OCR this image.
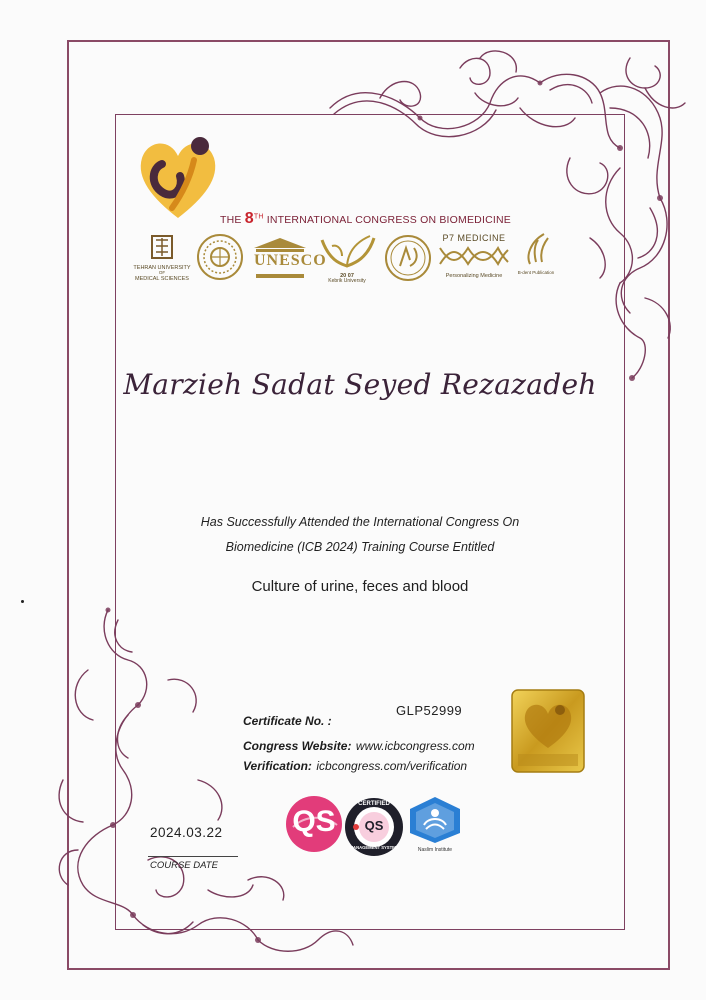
THE 8TH INTERNATIONAL CONGRESS ON BIOMEDICINE
TEHRAN UNIVERSITY
OF
MEDICAL SCIENCES
UNESCO
20 07
Kebrik University
P7 MEDICINE
Personalizing Medicine
B-dent Publication
Marzieh Sadat Seyed Rezazadeh
Has Successfully Attended the International Congress On
Biomedicine (ICB 2024) Training Course Entitled
Culture of urine, feces and blood
Certificate No. :
GLP52999
Congress Website: www.icbcongress.com
Verification: icbcongress.com/verification
2024.03.22
COURSE DATE
QS
CERTIFIED
QS
MANAGEMENT SYSTEM	Naslim Institute
